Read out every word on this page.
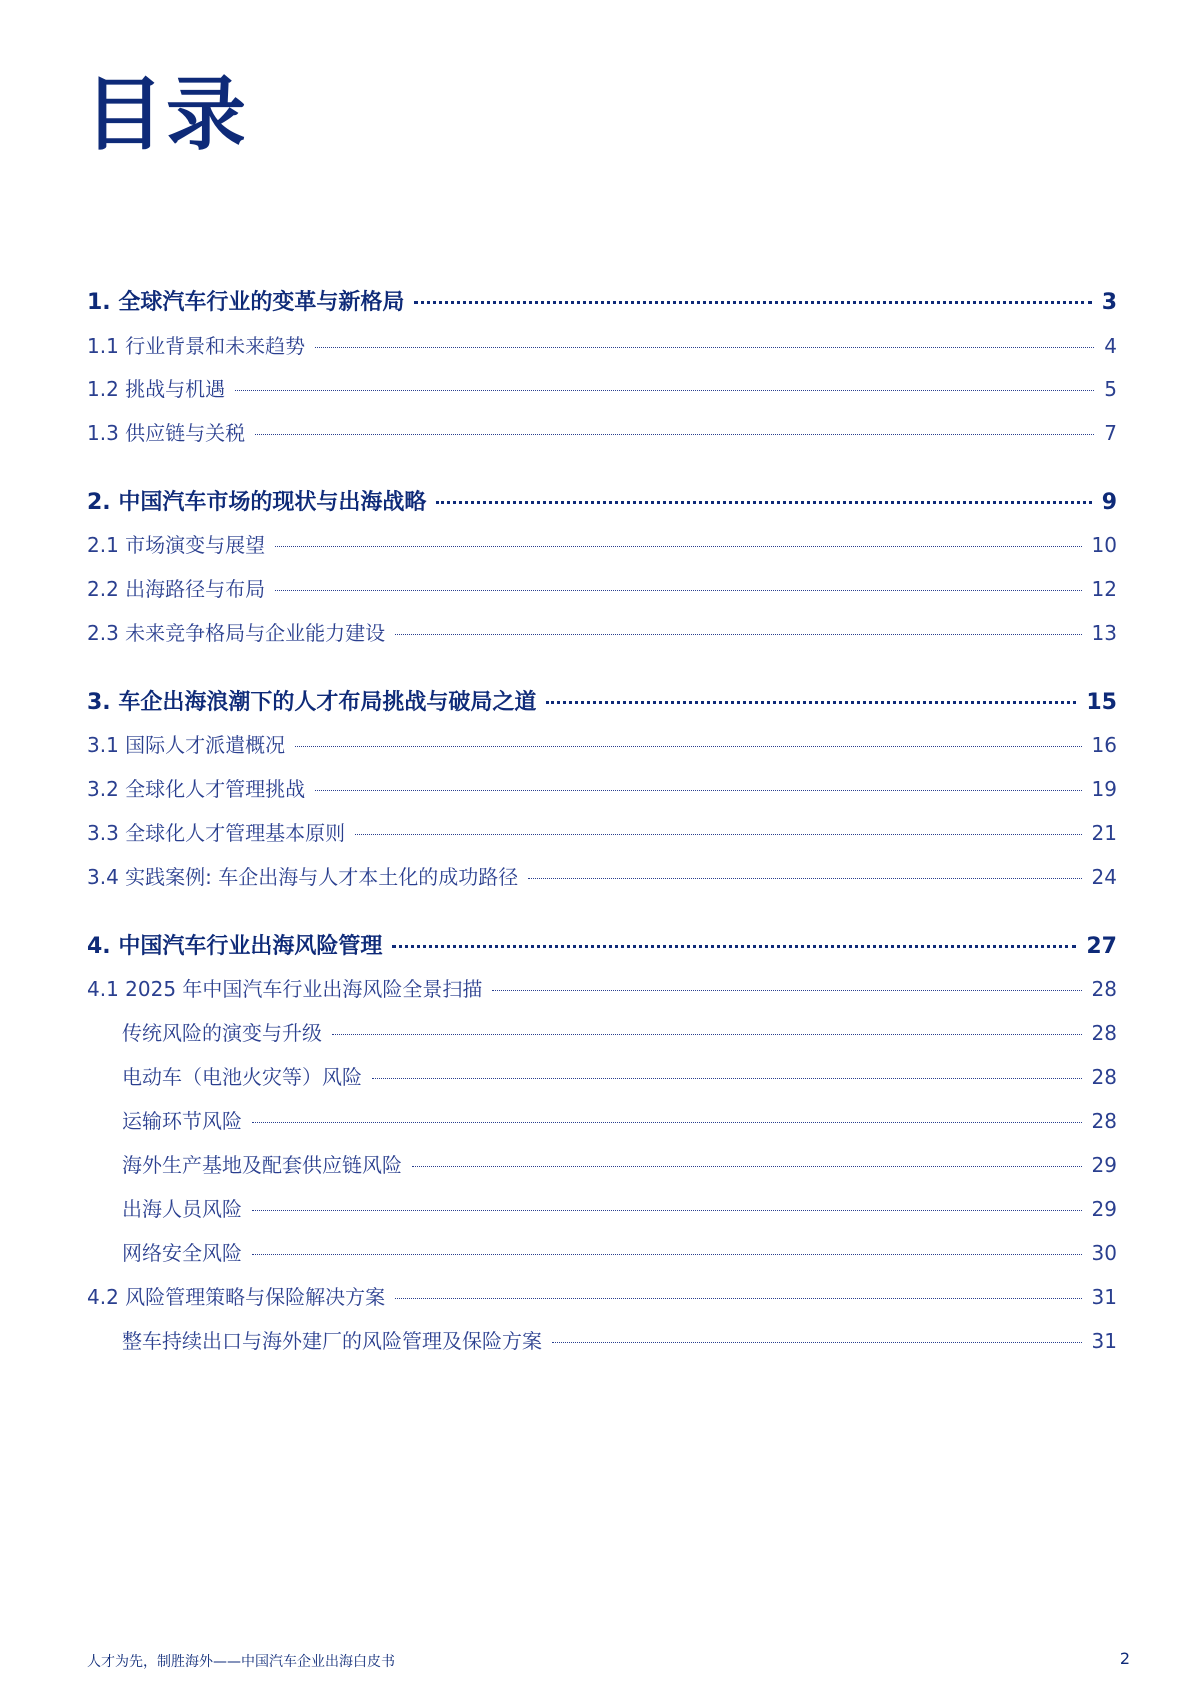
目录
1. 全球汽车行业的变革与新格局	3
1.1 行业背景和未来趋势	4
1.2 挑战与机遇	5
1.3 供应链与关税	7
2. 中国汽车市场的现状与出海战略	9
2.1 市场演变与展望	10
2.2 出海路径与布局	12
2.3 未来竞争格局与企业能力建设	13
3. 车企出海浪潮下的人才布局挑战与破局之道	15
3.1 国际人才派遣概况	16
3.2 全球化人才管理挑战	19
3.3 全球化人才管理基本原则	21
3.4 实践案例: 车企出海与人才本土化的成功路径	24
4. 中国汽车行业出海风险管理	27
4.1 2025 年中国汽车行业出海风险全景扫描	28
传统风险的演变与升级	28
电动车（电池火灾等）风险	28
运输环节风险	28
海外生产基地及配套供应链风险	29
出海人员风险	29
网络安全风险	30
4.2 风险管理策略与保险解决方案	31
整车持续出口与海外建厂的风险管理及保险方案	31
人才为先，制胜海外——中国汽车企业出海白皮书	2
